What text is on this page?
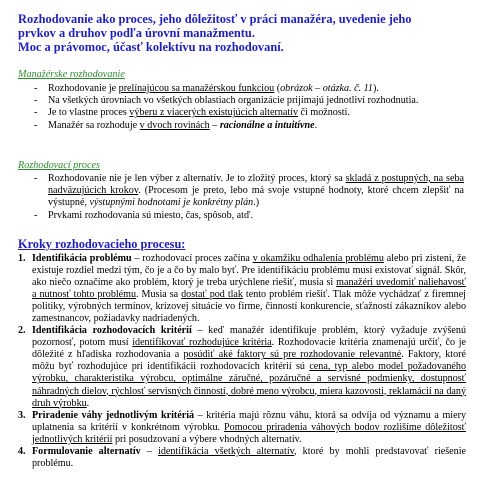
Rozhodovanie ako proces, jeho dôležitosť v práci manažéra, uvedenie jeho
prvkov a druhov podľa úrovní manažmentu.
Moc a právomoc, účasť kolektívu na rozhodovaní.
Manažérske rozhodovanie
- Rozhodovanie je prelínajúcou sa manažérskou funkciou (obrázok – otázka. č. 11).
- Na všetkých úrovniach vo všetkých oblastiach organizácie prijímajú jednotliví rozhodnutia.
- Je to vlastne proces výberu z viacerých existujúcich alternatív či možností.
- Manažér sa rozhoduje v dvoch rovinách – racionálne a intuitívne.
Rozhodovací proces
- Rozhodovanie nie je len výber z alternatív. Je to zložitý proces, ktorý sa skladá z postupných, na seba nadväzujúcich krokov. (Procesom je preto, lebo má svoje vstupné hodnoty, ktoré chcem zlepšiť na výstupné, výstupnými hodnotami je konkrétny plán.)
- Prvkami rozhodovania sú miesto, čas, spôsob, atď.
Kroky rozhodovacieho procesu:
1. Identifikácia problému – rozhodovací proces začína v okamžiku odhalenia problému alebo pri zistení, že existuje rozdiel medzi tým, čo je a čo by malo byť. Pre identifikáciu problému musí existovať signál. Skôr, ako niečo označíme ako problém, ktorý je treba urýchlene riešiť, musia si manažéri uvedomiť naliehavosť a nutnosť tohto problému. Musia sa dostať pod tlak tento problém riešiť. Tlak môže vychádzať z firemnej politiky, výrobných termínov, krízovej situácie vo firme, činností konkurencie, sťažností zákazníkov alebo zamestnancov, požiadavky nadriadených.
2. Identifikácia rozhodovacích kritérií – keď manažér identifikuje problém, ktorý vyžaduje zvýšenú pozornosť, potom musí identifikovať rozhodujúce kritéria. Rozhodovacie kritéria znamenajú určiť, čo je dôležité z hľadiska rozhodovania a posúdiť aké faktory sú pre rozhodovanie relevantné. Faktory, ktoré môžu byť rozhodujúce pri identifikácii rozhodovacích kritérií sú cena, typ alebo model požadovaného výrobku, charakteristika výrobcu, optimálne záručné, pozáručné a servisné podmienky, dostupnosť náhradných dielov, rýchlosť servisných činností, dobré meno výrobcu, miera kazovosti, reklamácií na daný druh výrobku.
3. Priradenie váhy jednotlivým kritériá – kritéria majú rôznu váhu, ktorá sa odvíja od významu a miery uplatnenia sa kritérií v konkrétnom výrobku. Pomocou priradenia váhových bodov rozlišíme dôležitosť jednotlivých kritérií pri posudzovaní a výbere vhodných alternatív.
4. Formulovanie alternatív – identifikácia všetkých alternatív, ktoré by mohli predstavovať riešenie problému.
